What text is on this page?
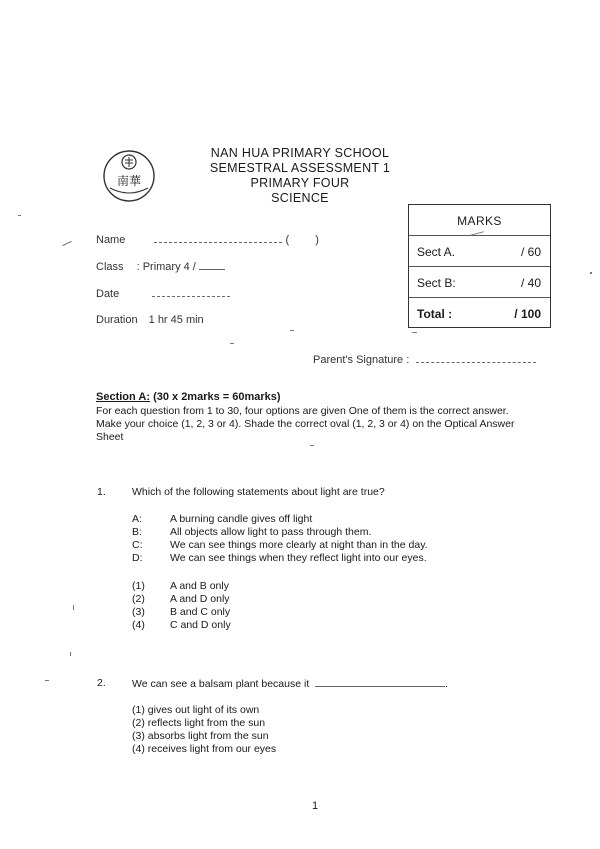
南華
NAN HUA PRIMARY SCHOOL
SEMESTRAL ASSESSMENT 1
PRIMARY FOUR
SCIENCE
MARKS
Sect A.	/ 60
Sect B:	/ 40
Total :	/ 100
Name	( )
Class : Primary 4 /
Date
Duration 1 hr 45 min
Parent's Signature :
Section A: (30 x 2marks = 60marks)
For each question from 1 to 30, four options are given One of them is the correct answer. Make your choice (1, 2, 3 or 4). Shade the correct oval (1, 2, 3 or 4) on the Optical Answer Sheet
1. Which of the following statements about light are true?
A:	A burning candle gives off light
B:	All objects allow light to pass through them.
C:	We can see things more clearly at night than in the day.
D:	We can see things when they reflect light into our eyes.
(1) A and B only
(2) A and D only
(3) B and C only
(4) C and D only
2. We can see a balsam plant because it	.
(1) gives out light of its own
(2) reflects light from the sun
(3) absorbs light from the sun
(4) receives light from our eyes
1
